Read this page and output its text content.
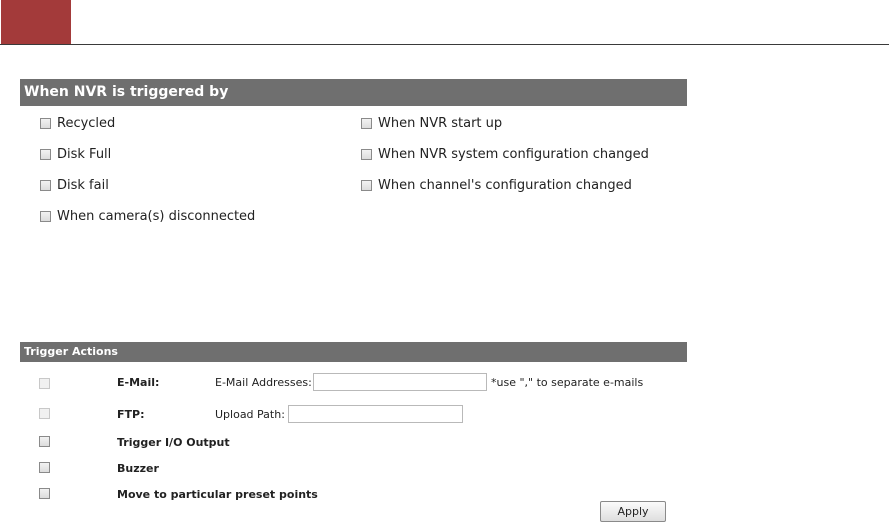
When NVR is triggered by
Recycled
Disk Full
Disk fail
When camera(s) disconnected
When NVR start up
When NVR system configuration changed
When channel's configuration changed
Trigger Actions
E-Mail:	E-Mail Addresses:	*use "," to separate e-mails
FTP:	Upload Path:
Trigger I/O Output
Buzzer
Move to particular preset points
Apply
